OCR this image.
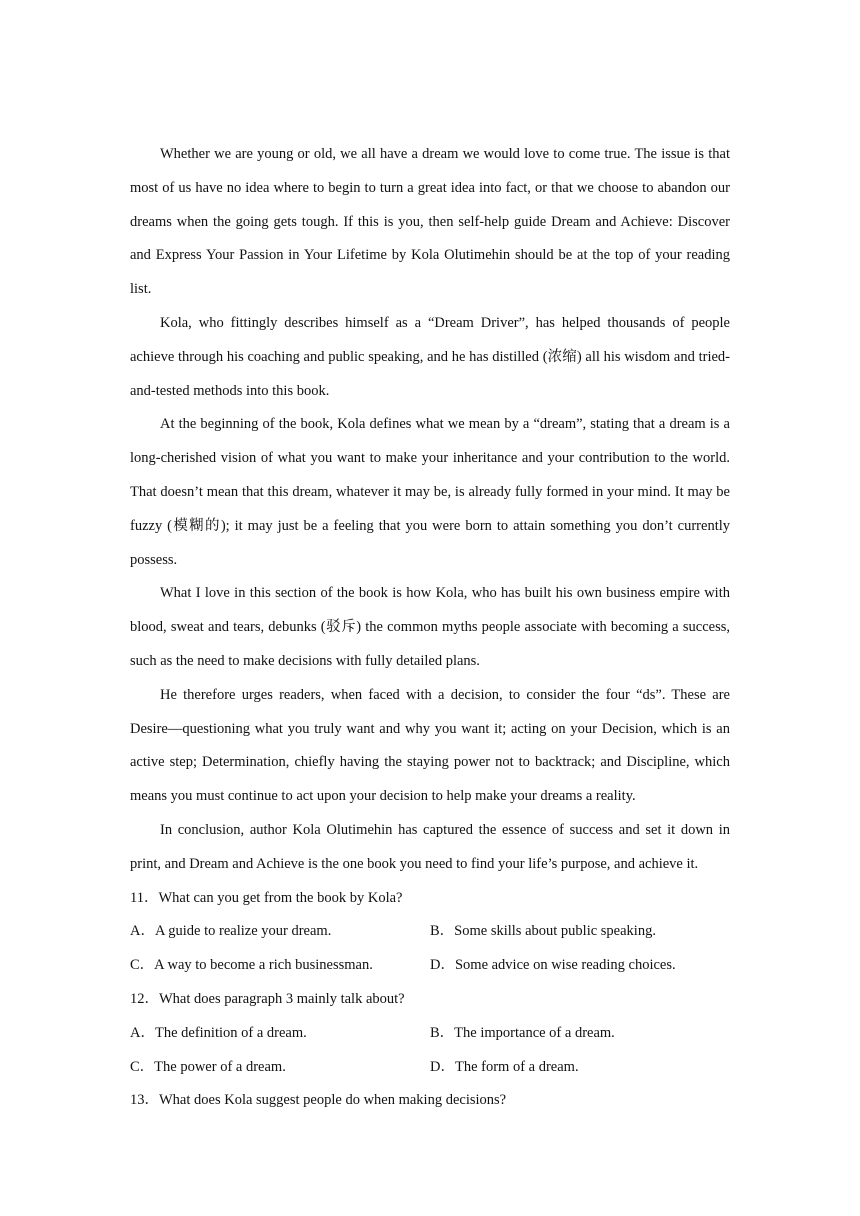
Whether we are young or old, we all have a dream we would love to come true. The issue is that most of us have no idea where to begin to turn a great idea into fact, or that we choose to abandon our dreams when the going gets tough. If this is you, then self-help guide Dream and Achieve: Discover and Express Your Passion in Your Lifetime by Kola Olutimehin should be at the top of your reading list.

Kola, who fittingly describes himself as a “Dream Driver”, has helped thousands of people achieve through his coaching and public speaking, and he has distilled (浓缩) all his wisdom and tried-and-tested methods into this book.

At the beginning of the book, Kola defines what we mean by a “dream”, stating that a dream is a long-cherished vision of what you want to make your inheritance and your contribution to the world. That doesn’t mean that this dream, whatever it may be, is already fully formed in your mind. It may be fuzzy (模糊的); it may just be a feeling that you were born to attain something you don’t currently possess.

What I love in this section of the book is how Kola, who has built his own business empire with blood, sweat and tears, debunks (驳斥) the common myths people associate with becoming a success, such as the need to make decisions with fully detailed plans.

He therefore urges readers, when faced with a decision, to consider the four “ds”. These are Desire—questioning what you truly want and why you want it; acting on your Decision, which is an active step; Determination, chiefly having the staying power not to backtrack; and Discipline, which means you must continue to act upon your decision to help make your dreams a reality.

In conclusion, author Kola Olutimehin has captured the essence of success and set it down in print, and Dream and Achieve is the one book you need to find your life’s purpose, and achieve it.

11．What can you get from the book by Kola?

A．A guide to realize your dream.	B．Some skills about public speaking.
C．A way to become a rich businessman.	D．Some advice on wise reading choices.

12．What does paragraph 3 mainly talk about?

A．The definition of a dream.	B．The importance of a dream.
C．The power of a dream.	D．The form of a dream.

13．What does Kola suggest people do when making decisions?
